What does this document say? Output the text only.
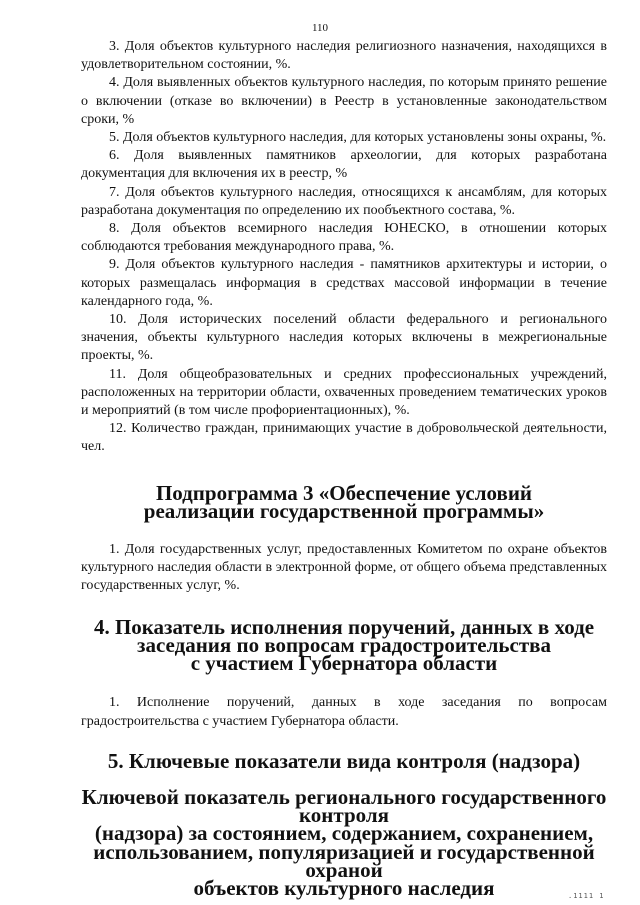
110

3. Доля объектов культурного наследия религиозного назначения, находящихся в удовлетворительном состоянии, %.

4. Доля выявленных объектов культурного наследия, по которым принято решение о включении (отказе во включении) в Реестр в установленные законодательством сроки, %

5. Доля объектов культурного наследия, для которых установлены зоны охраны, %.

6. Доля выявленных памятников археологии, для которых разработана документация для включения их в реестр, %

7. Доля объектов культурного наследия, относящихся к ансамблям, для которых разработана документация по определению их пообъектного состава, %.

8. Доля объектов всемирного наследия ЮНЕСКО, в отношении которых соблюдаются требования международного права, %.

9. Доля объектов культурного наследия - памятников архитектуры и истории, о которых размещалась информация в средствах массовой информации в течение календарного года, %.

10. Доля исторических поселений области федерального и регионального значения, объекты культурного наследия которых включены в межрегиональные проекты, %.

11. Доля общеобразовательных и средних профессиональных учреждений, расположенных на территории области, охваченных проведением тематических уроков и мероприятий (в том числе профориентационных), %.

12. Количество граждан, принимающих участие в добровольческой деятельности, чел.

Подпрограмма 3 «Обеспечение условий
реализации государственной программы»

1. Доля государственных услуг, предоставленных Комитетом по охране объектов культурного наследия области в электронной форме, от общего объема представленных государственных услуг, %.

4. Показатель исполнения поручений, данных в ходе
заседания по вопросам градостроительства
с участием Губернатора области

1. Исполнение поручений, данных в ходе заседания по вопросам градостроительства с участием Губернатора области.

5. Ключевые показатели вида контроля (надзора)
Ключевой показатель регионального государственного контроля
(надзора) за состоянием, содержанием, сохранением,
использованием, популяризацией и государственной охраной
объектов культурного наследия	.1111 1
